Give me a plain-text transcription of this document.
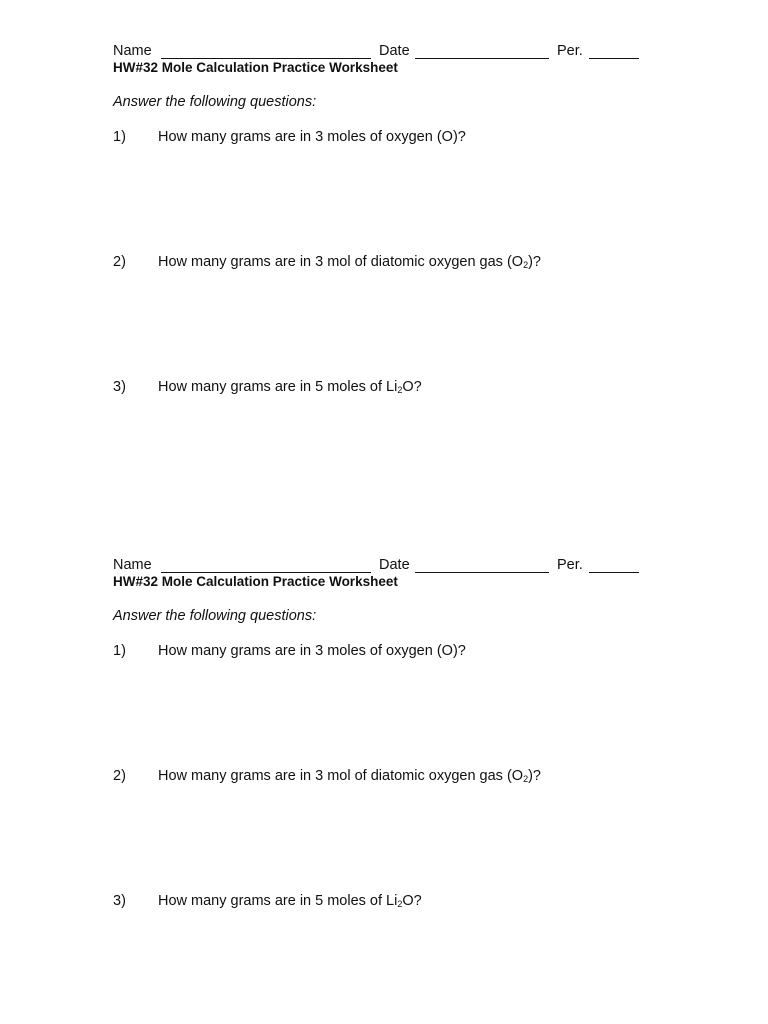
Name	Date	Per.
HW#32 Mole Calculation Practice Worksheet
Answer the following questions:
1) How many grams are in 3 moles of oxygen (O)?
2) How many grams are in 3 mol of diatomic oxygen gas $(O_2)$?
3) How many grams are in 5 moles of $Li_2O$?
Name	Date	Per.
HW#32 Mole Calculation Practice Worksheet
Answer the following questions:
1) How many grams are in 3 moles of oxygen (O)?
2) How many grams are in 3 mol of diatomic oxygen gas $(O_2)$?
3) How many grams are in 5 moles of $Li_2O$?
